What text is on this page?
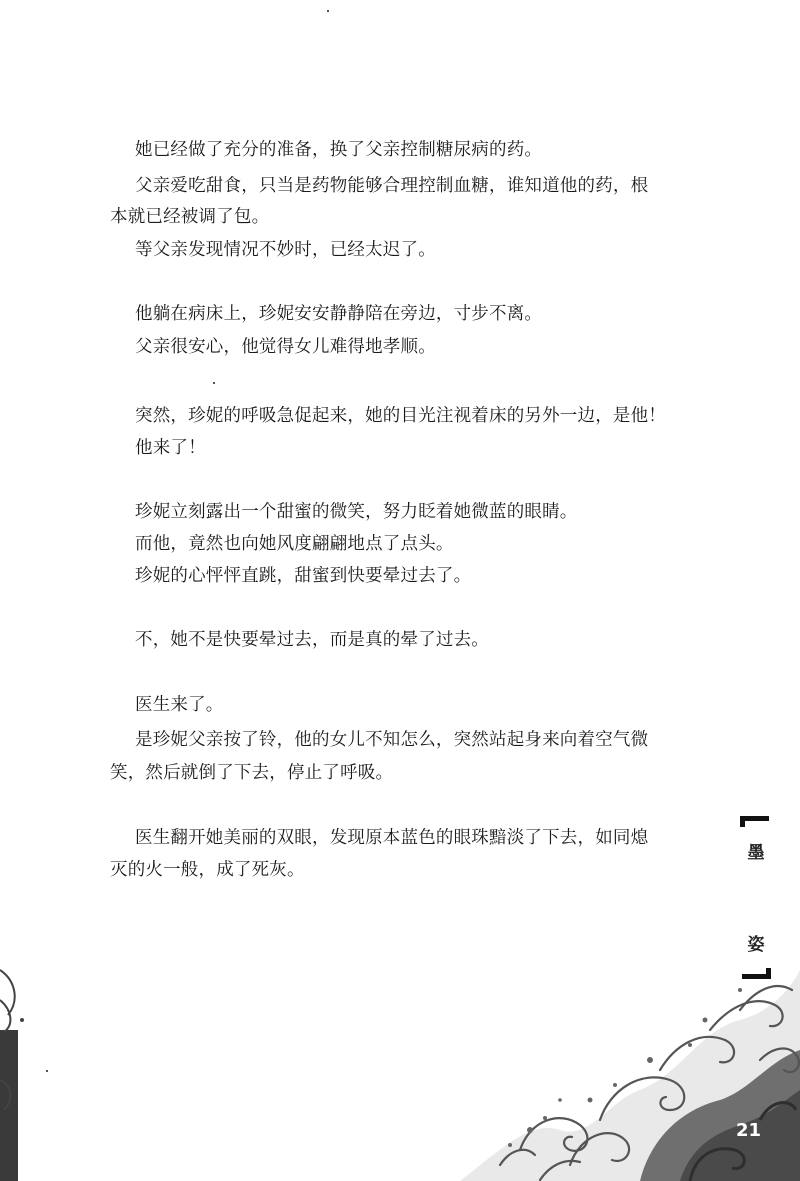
她已经做了充分的准备，换了父亲控制糖尿病的药。
父亲爱吃甜食，只当是药物能够合理控制血糖，谁知道他的药，根
本就已经被调了包。
等父亲发现情况不妙时，已经太迟了。
他躺在病床上，珍妮安安静静陪在旁边，寸步不离。
父亲很安心，他觉得女儿难得地孝顺。
突然，珍妮的呼吸急促起来，她的目光注视着床的另外一边，是他！
他来了！
珍妮立刻露出一个甜蜜的微笑，努力眨着她微蓝的眼睛。
而他，竟然也向她风度翩翩地点了点头。
珍妮的心怦怦直跳，甜蜜到快要晕过去了。
不，她不是快要晕过去，而是真的晕了过去。
医生来了。
是珍妮父亲按了铃，他的女儿不知怎么，突然站起身来向着空气微
笑，然后就倒了下去，停止了呼吸。
医生翻开她美丽的双眼，发现原本蓝色的眼珠黯淡了下去，如同熄
灭的火一般，成了死灰。
墨
姿
21
